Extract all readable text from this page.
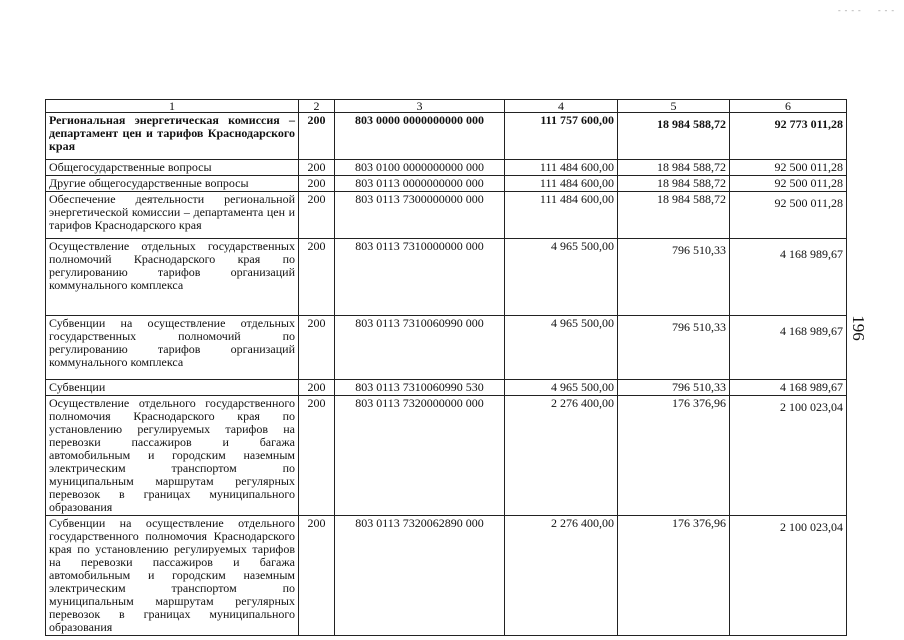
- - - - - - -
1	2	3	4	5	6
Региональная энергетическая комиссия – департамент цен и тарифов Краснодарского края	200	803 0000 0000000000 000	111 757 600,00	18 984 588,72	92 773 011,28
Общегосударственные вопросы	200	803 0100 0000000000 000	111 484 600,00	18 984 588,72	92 500 011,28
Другие общегосударственные вопросы	200	803 0113 0000000000 000	111 484 600,00	18 984 588,72	92 500 011,28
Обеспечение деятельности региональной энергетической комиссии – департамента цен и тарифов Краснодарского края	200	803 0113 7300000000 000	111 484 600,00	18 984 588,72	92 500 011,28
Осуществление отдельных государственных полномочий Краснодарского края по регулированию тарифов организаций коммунального комплекса	200	803 0113 7310000000 000	4 965 500,00	796 510,33	4 168 989,67
Субвенции на осуществление отдельных государственных полномочий по регулированию тарифов организаций коммунального комплекса	200	803 0113 7310060990 000	4 965 500,00	796 510,33	4 168 989,67
Субвенции	200	803 0113 7310060990 530	4 965 500,00	796 510,33	4 168 989,67
Осуществление отдельного государственного полномочия Краснодарского края по установлению регулируемых тарифов на перевозки пассажиров и багажа автомобильным и городским наземным электрическим транспортом по муниципальным маршрутам регулярных перевозок в границах муниципального образования	200	803 0113 7320000000 000	2 276 400,00	176 376,96	2 100 023,04
Субвенции на осуществление отдельного государственного полномочия Краснодарского края по установлению регулируемых тарифов на перевозки пассажиров и багажа автомобильным и городским наземным электрическим транспортом по муниципальным маршрутам регулярных перевозок в границах муниципального образования	200	803 0113 7320062890 000	2 276 400,00	176 376,96	2 100 023,04
196
